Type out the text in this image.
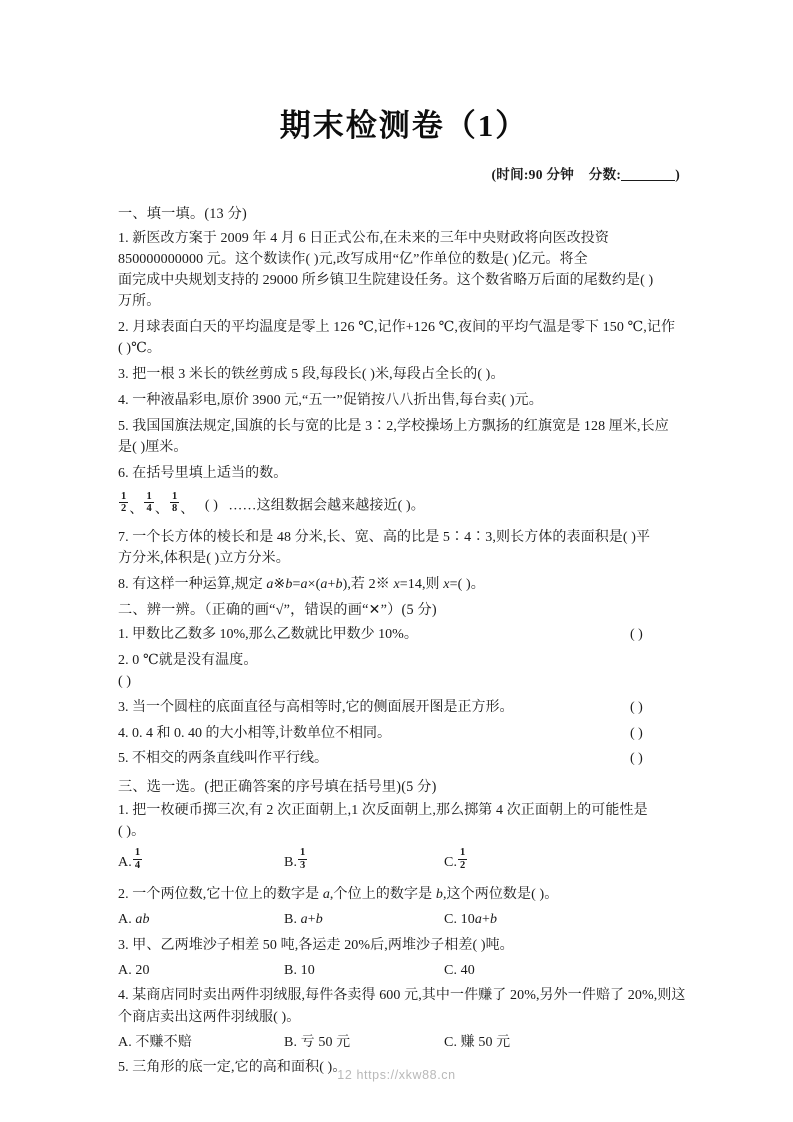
期末检测卷（1）
(时间:90 分钟 分数:	)
一、填一填。(13 分)
1. 新医改方案于 2009 年 4 月 6 日正式公布,在未来的三年中央财政将向医改投资
850000000000 元。这个数读作( )元,改写成用“亿”作单位的数是( )亿元。将全
面完成中央规划支持的 29000 所乡镇卫生院建设任务。这个数省略万后面的尾数约是( )
万所。
2. 月球表面白天的平均温度是零上 126 ℃,记作+126 ℃,夜间的平均气温是零下 150 ℃,记作
( )℃。
3. 把一根 3 米长的铁丝剪成 5 段,每段长( )米,每段占全长的( )。
4. 一种液晶彩电,原价 3900 元,“五一”促销按八八折出售,每台卖( )元。
5. 我国国旗法规定,国旗的长与宽的比是 3∶2,学校操场上方飘扬的红旗宽是 128 厘米,长应
是( )厘米。
6. 在括号里填上适当的数。
$\frac{1}{2}$ 、 $\frac{1}{4}$ 、 $\frac{1}{8}$ 、 ( ) ……这组数据会越来越接近( )。
7. 一个长方体的棱长和是 48 分米,长、宽、高的比是 5∶4∶3,则长方体的表面积是( )平
方分米,体积是( )立方分米。
8. 有这样一种运算,规定 a※b=a×(a+b),若 2※ x=14,则 x=( )。
二、辨一辨。（正确的画“√”，错误的画“✕”）(5 分)
1. 甲数比乙数多 10%,那么乙数就比甲数少 10%。	( )
2. 0 ℃就是没有温度。
( )
3. 当一个圆柱的底面直径与高相等时,它的侧面展开图是正方形。	( )
4. 0. 4 和 0. 40 的大小相等,计数单位不相同。	( )
5. 不相交的两条直线叫作平行线。	( )
三、选一选。(把正确答案的序号填在括号里)(5 分)
1. 把一枚硬币掷三次,有 2 次正面朝上,1 次反面朝上,那么掷第 4 次正面朝上的可能性是
( )。
A. $\frac{1}{4}$	B. $\frac{1}{3}$	C. $\frac{1}{2}$
2. 一个两位数,它十位上的数字是 a,个位上的数字是 b,这个两位数是( )。
A. ab	B. a+b	C. 10a+b
3. 甲、乙两堆沙子相差 50 吨,各运走 20%后,两堆沙子相差( )吨。
A. 20	B. 10	C. 40
4. 某商店同时卖出两件羽绒服,每件各卖得 600 元,其中一件赚了 20%,另外一件赔了 20%,则这
个商店卖出这两件羽绒服( )。
A. 不赚不赔	B. 亏 50 元	C. 赚 50 元
5. 三角形的底一定,它的高和面积( )。
12 https://xkw88.cn
